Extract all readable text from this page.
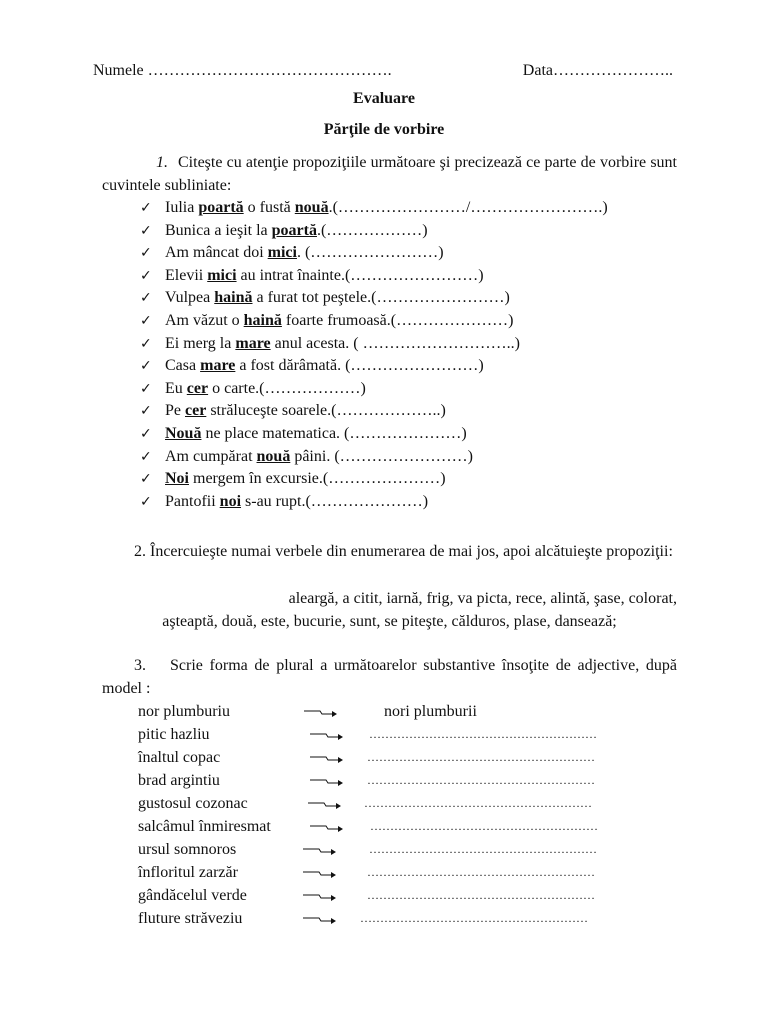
Numele ……………………………………….	Data…………………..
Evaluare
Părţile de vorbire
1. Citeşte cu atenţie propoziţiile următoare şi precizează ce parte de vorbire sunt cuvintele subliniate:
✓ Iulia poartă o fustă nouă.(……………………/…………………….)
✓ Bunica a ieşit la poartă.(………………)
✓ Am mâncat doi mici. (……………………)
✓ Elevii mici au intrat înainte.(……………………)
✓ Vulpea haină a furat tot peştele.(……………………)
✓ Am văzut o haină foarte frumoasă.(…………………)
✓ Ei merg la mare anul acesta. ( ………………………..)
✓ Casa mare a fost dărâmată. (……………………)
✓ Eu cer o carte.(………………)
✓ Pe cer străluceşte soarele.(………………..)
✓ Nouă ne place matematica. (…………………)
✓ Am cumpărat nouă pâini. (……………………)
✓ Noi mergem în excursie.(…………………)
✓ Pantofii noi s-au rupt.(…………………)
2. Încercuieşte numai verbele din enumerarea de mai jos, apoi alcătuieşte propoziţii:
aleargă, a citit, iarnă, frig, va picta, rece, alintă, şase, colorat,
aşteaptă, două, este, bucurie, sunt, se piteşte, călduros, plase, dansează;
3. Scrie forma de plural a următoarelor substantive însoţite de adjective, după model :
nor plumburiu	nori plumburii
pitic hazliu	…………………………………………………
înaltul copac	…………………………………………………
brad argintiu	…………………………………………………
gustosul cozonac	…………………………………………………
salcâmul înmiresmat	…………………………………………………
ursul somnoros	…………………………………………………
înfloritul zarzăr	…………………………………………………
gândăcelul verde	…………………………………………………
fluture străveziu	…………………………………………………
